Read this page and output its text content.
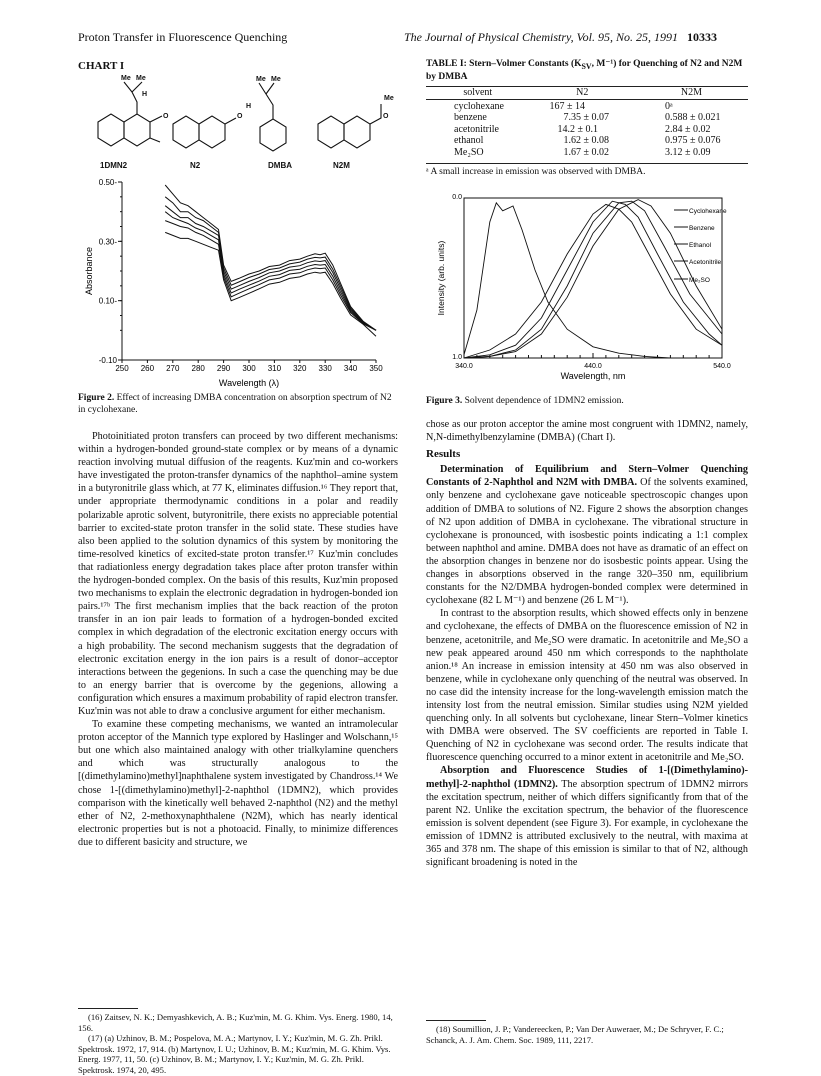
Proton Transfer in Fluorescence Quenching	The Journal of Physical Chemistry, Vol. 95, No. 25, 1991 10333
CHART I
Me Me
H
O
Me Me
H
O
Me
O
1DMN2	N2	DMBA	N2M
-0.10
0.10-
0.30-
0.50-
250 260 270 280 290 300 310 320 330 340 350
Wavelength (λ)
Absorbance
Figure 2. Effect of increasing DMBA concentration on absorption spectrum of N2 in cyclohexane.

Photoinitiated proton transfers can proceed by two different mechanisms: within a hydrogen-bonded ground-state complex or by means of a dynamic reaction involving mutual diffusion of the reagents. Kuz'min and co-workers have investigated the proton-transfer dynamics of the naphthol–amine system in a butyronitrile glass which, at 77 K, eliminates diffusion.¹⁶ They report that, under appropriate thermodynamic conditions in a polar and readily polarizable aprotic solvent, butyronitrile, there exists no appreciable potential barrier to excited-state proton transfer in the solid state. These studies have also been applied to the solution dynamics of this system by monitoring the time-resolved kinetics of excited-state proton transfer.¹⁷ Kuz'min concludes that radiationless energy degradation takes place after proton transfer within the hydrogen-bonded complex. On the basis of this results, Kuz'min proposed two mechanisms to explain the electronic degradation in hydrogen-bonded ion pairs.¹⁷ᵇ The first mechanism implies that the back reaction of the proton transfer in an ion pair leads to formation of a hydrogen-bonded excited complex in which degradation of the electronic excitation energy occurs with a high probability. The second mechanism suggests that the degradation of electronic excitation energy in the ion pairs is a result of donor–acceptor interactions between the gegenions. In such a case the quenching may be due to an energy barrier that is overcome by the gegenions, allowing a configuration which ensures a maximum probability of rapid electron transfer. Kuz'min was not able to draw a conclusive argument for either mechanism.

To examine these competing mechanisms, we wanted an intramolecular proton acceptor of the Mannich type explored by Haslinger and Wolschann,¹⁵ but one which also maintained analogy with other trialkylamine quenchers and which was structurally analogous to the [(dimethylamino)methyl]naphthalene system investigated by Chandross.¹⁴ We chose 1-[(dimethylamino)methyl]-2-naphthol (1DMN2), which provides comparison with the kinetically well behaved 2-naphthol (N2) and the methyl ether of N2, 2-methoxynaphthalene (N2M), which has nearly identical electronic properties but is not a photoacid. Finally, to minimize differences due to different basicity and structure, we

(16) Zaitsev, N. K.; Demyashkevich, A. B.; Kuz'min, M. G. Khim. Vys. Energ. 1980, 14, 156.
(17) (a) Uzhinov, B. M.; Pospelova, M. A.; Martynov, I. Y.; Kuz'min, M. G. Zh. Prikl. Spektrosk. 1972, 17, 914. (b) Martynov, I. U.; Uzhinov, B. M.; Kuz'min, M. G. Khim. Vys. Energ. 1977, 11, 50. (c) Uzhinov, B. M.; Martynov, I. Y.; Kuz'min, M. G. Zh. Prikl. Spektrosk. 1974, 20, 495.
TABLE I: Stern–Volmer Constants ($K_{SV}$, M⁻¹) for Quenching of N2 and N2M by DMBA
solvent	N2	N2M

cyclohexane	167 ± 14	0ᵃ
benzene	7.35 ± 0.07	0.588 ± 0.021
acetonitrile	14.2 ± 0.1	2.84 ± 0.02
ethanol	1.62 ± 0.08	0.975 ± 0.076
Me₂SO	1.67 ± 0.02	3.12 ± 0.09
ᵃ A small increase in emission was observed with DMBA.
0.0
1.0
340.0	440.0	540.0
Wavelength, nm
Intensity (arb. units)
Cyclohexane
Benzene
Ethanol
Acetonitrile
Me₂SO
Figure 3. Solvent dependence of 1DMN2 emission.

chose as our proton acceptor the amine most congruent with 1DMN2, namely, N,N-dimethylbenzylamine (DMBA) (Chart I).

Results

Determination of Equilibrium and Stern–Volmer Quenching Constants of 2-Naphthol and N2M with DMBA. Of the solvents examined, only benzene and cyclohexane gave noticeable spectroscopic changes upon addition of DMBA to solutions of N2. Figure 2 shows the absorption changes of N2 upon addition of DMBA in cyclohexane. The vibrational structure in cyclohexane is pronounced, with isosbestic points indicating a 1:1 complex between naphthol and amine. DMBA does not have as dramatic of an effect on the absorption changes in benzene nor do isosbestic points appear. Using the changes in absorptions observed in the range 320–350 nm, equilibrium constants for the N2/DMBA hydrogen-bonded complex were determined in cyclohexane (82 L M⁻¹) and benzene (26 L M⁻¹).

In contrast to the absorption results, which showed effects only in benzene and cyclohexane, the effects of DMBA on the fluorescence emission of N2 in benzene, acetonitrile, and Me₂SO were dramatic. In acetonitrile and Me₂SO a new peak appeared around 450 nm which corresponds to the naphtholate anion.¹⁸ An increase in emission intensity at 450 nm was also observed in benzene, while in cyclohexane only quenching of the neutral was observed. In no case did the intensity increase for the long-wavelength emission match the intensity lost from the neutral emission. Similar studies using N2M yielded quenching only. In all solvents but cyclohexane, linear Stern–Volmer kinetics with DMBA were observed. The SV coefficients are reported in Table I. Quenching of N2 in cyclohexane was second order. The results indicate that fluorescence quenching occurred to a minor extent in acetonitrile and Me₂SO.

Absorption and Fluorescence Studies of 1-[(Dimethylamino)-methyl]-2-naphthol (1DMN2). The absorption spectrum of 1DMN2 mirrors the excitation spectrum, neither of which differs significantly from that of the parent N2. Unlike the excitation spectrum, the behavior of the fluorescence emission is solvent dependent (see Figure 3). For example, in cyclohexane the emission of 1DMN2 is attributed exclusively to the neutral, with maxima at 365 and 378 nm. The shape of this emission is similar to that of N2, although significant broadening is noted in the

(18) Soumillion, J. P.; Vandereecken, P.; Van Der Auweraer, M.; De Schryver, F. C.; Schanck, A. J. Am. Chem. Soc. 1989, 111, 2217.
